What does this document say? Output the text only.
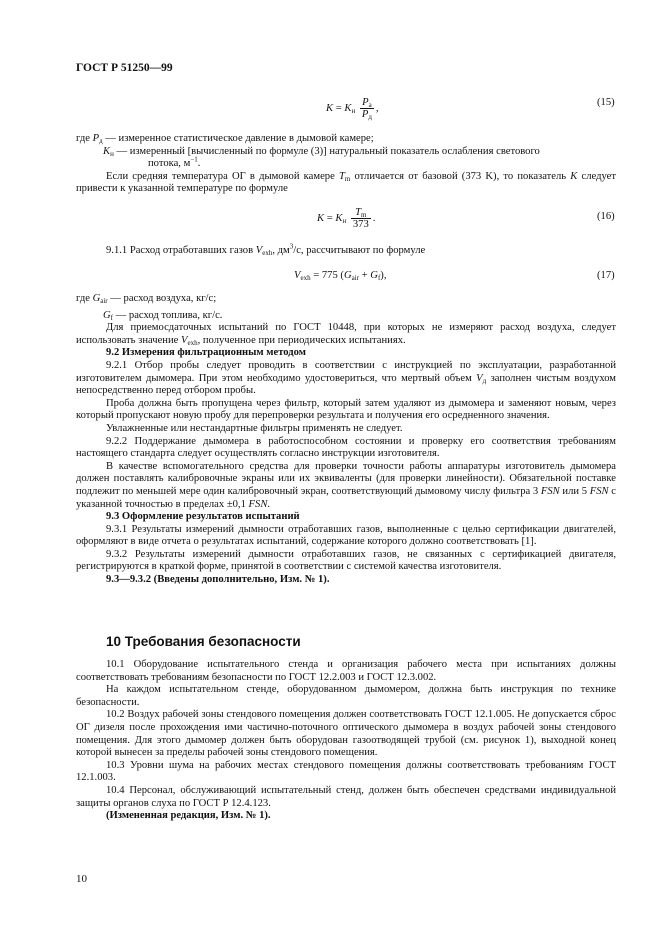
ГОСТ Р 51250—99
$K = K_н \frac{P_a}{P_д}$ ,
(15)

где $P_д$ — измеренное статистическое давление в дымовой камере;

$K_н$ — измеренный [вычисленный по формуле (3)] натуральный показатель ослабления светового

потока, $м^{-1}$.

Если средняя температура ОГ в дымовой камере $T_m$ отличается от базовой (373 K), то показатель K следует привести к указанной температуре по формуле

$K = K_н \frac{T_m}{373}$ .	(16)

9.1.1 Расход отработавших газов $V_{exh}$, $дм^3/с$, рассчитывают по формуле

$V_{exh} = 775$ $(G_{air} + G_f)$,	(17)

где $G_{air}$ — расход воздуха, кг/с;

$G_f$ — расход топлива, кг/с.

Для приемосдаточных испытаний по ГОСТ 10448, при которых не измеряют расход воздуха, следует использовать значение $V_{exh}$, полученное при периодических испытаниях.

9.2 Измерения фильтрационным методом

9.2.1 Отбор пробы следует проводить в соответствии с инструкцией по эксплуатации, разработанной изготовителем дымомера. При этом необходимо удостовериться, что мертвый объем $V_д$ заполнен чистым воздухом непосредственно перед отбором пробы.

Проба должна быть пропущена через фильтр, который затем удаляют из дымомера и заменяют новым, через который пропускают новую пробу для перепроверки результата и получения его осредненного значения.

Увлажненные или нестандартные фильтры применять не следует.

9.2.2 Поддержание дымомера в работоспособном состоянии и проверку его соответствия требованиям настоящего стандарта следует осуществлять согласно инструкции изготовителя.

В качестве вспомогательного средства для проверки точности работы аппаратуры изготовитель дымомера должен поставлять калибровочные экраны или их эквиваленты (для проверки линейности). Обязательной поставке подлежит по меньшей мере один калибровочный экран, соответствующий дымовому числу фильтра 3 FSN или 5 FSN с указанной точностью в пределах ±0,1 FSN.

9.3 Оформление результатов испытаний

9.3.1 Результаты измерений дымности отработавших газов, выполненные с целью сертификации двигателей, оформляют в виде отчета о результатах испытаний, содержание которого должно соответствовать [1].

9.3.2 Результаты измерений дымности отработавших газов, не связанных с сертификацией двигателя, регистрируются в краткой форме, принятой в соответствии с системой качества изготовителя.

9.3—9.3.2 (Введены дополнительно, Изм. № 1).

10 Требования безопасности

10.1 Оборудование испытательного стенда и организация рабочего места при испытаниях должны соответствовать требованиям безопасности по ГОСТ 12.2.003 и ГОСТ 12.3.002.

На каждом испытательном стенде, оборудованном дымомером, должна быть инструкция по технике безопасности.

10.2 Воздух рабочей зоны стендового помещения должен соответствовать ГОСТ 12.1.005. Не допускается сброс ОГ дизеля после прохождения ими частично-поточного оптического дымомера в воздух рабочей зоны стендового помещения. Для этого дымомер должен быть оборудован газоотводящей трубой (см. рисунок 1), выходной конец которой вынесен за пределы рабочей зоны стендового помещения.

10.3 Уровни шума на рабочих местах стендового помещения должны соответствовать требованиям ГОСТ 12.1.003.

10.4 Персонал, обслуживающий испытательный стенд, должен быть обеспечен средствами индивидуальной защиты органов слуха по ГОСТ Р 12.4.123.

(Измененная редакция, Изм. № 1).

10
